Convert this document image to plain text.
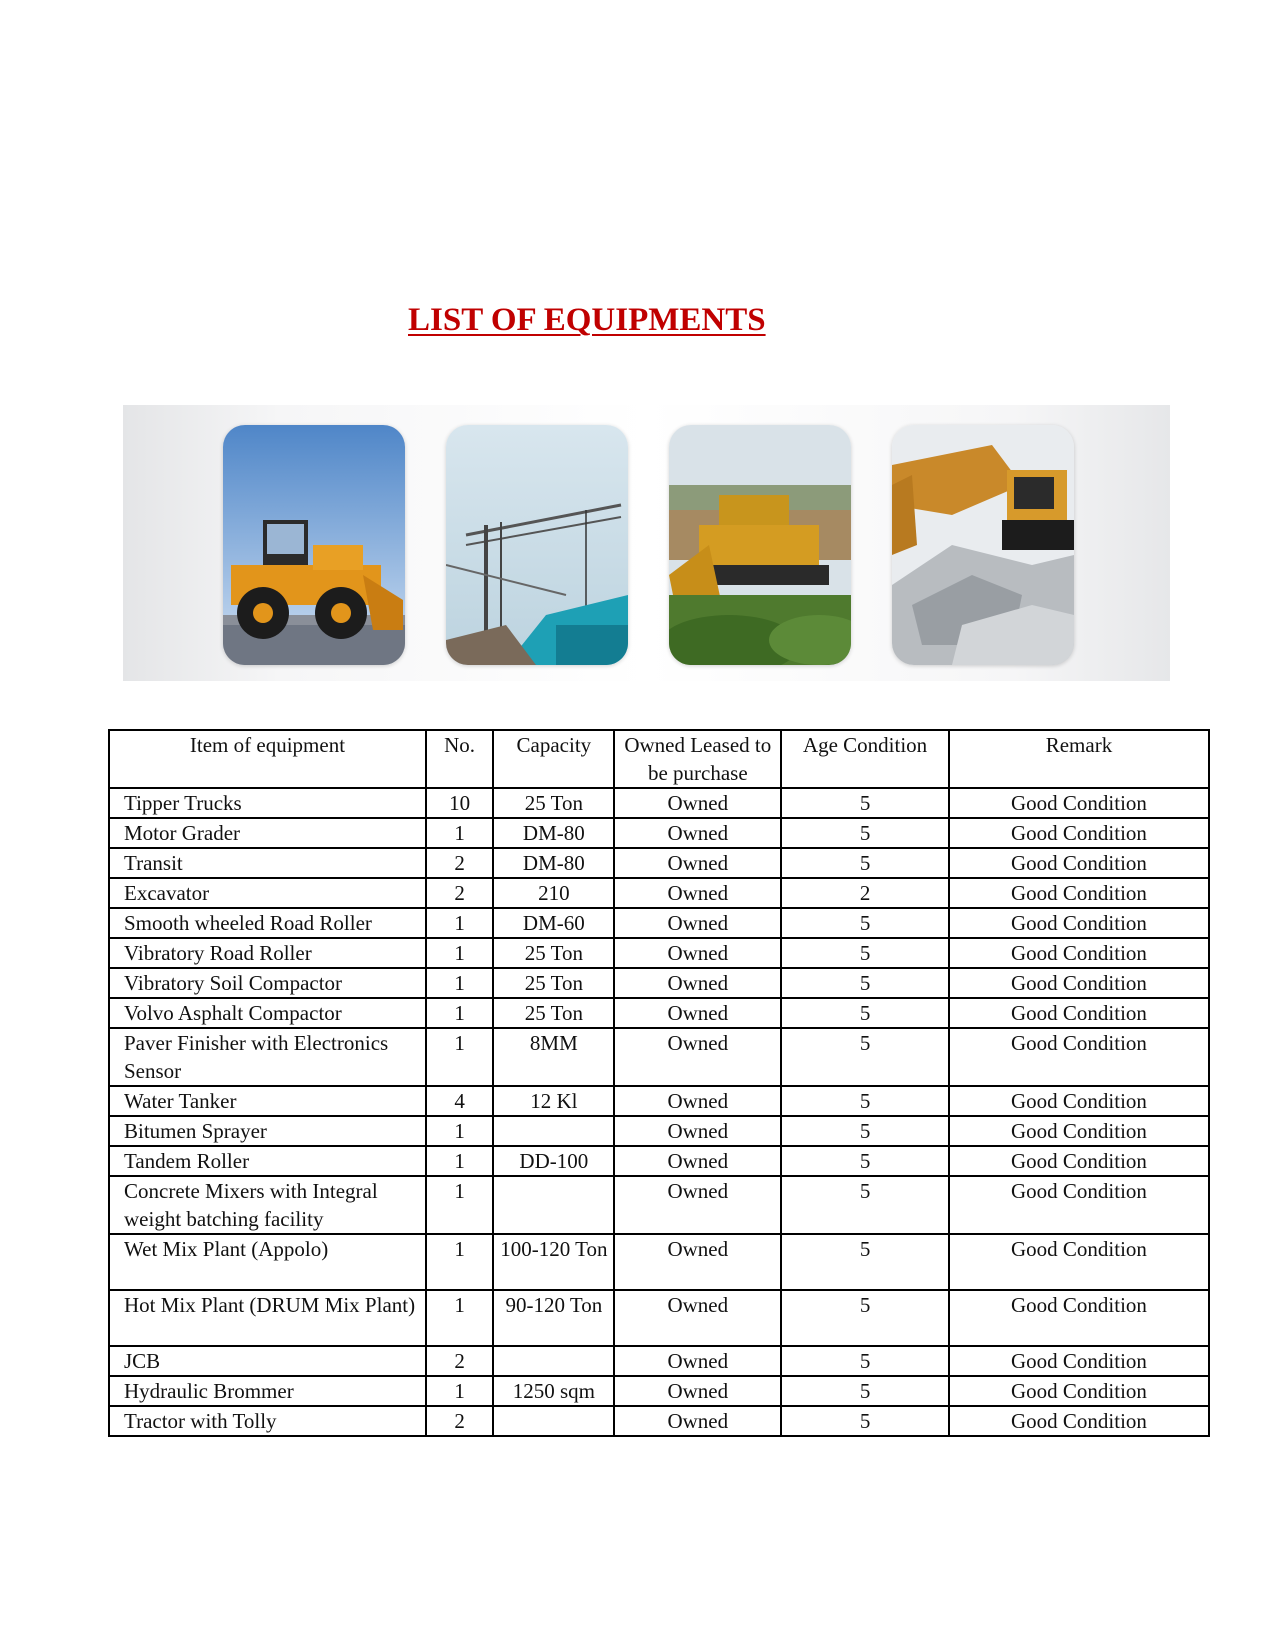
LIST OF EQUIPMENTS
Item of equipment	No.	Capacity	Owned Leased to be purchase	Age Condition	Remark
Tipper Trucks	10	25 Ton	Owned	5	Good Condition
Motor Grader	1	DM-80	Owned	5	Good Condition
Transit	2	DM-80	Owned	5	Good Condition
Excavator	2	210	Owned	2	Good Condition
Smooth wheeled Road Roller	1	DM-60	Owned	5	Good Condition
Vibratory Road Roller	1	25 Ton	Owned	5	Good Condition
Vibratory Soil Compactor	1	25 Ton	Owned	5	Good Condition
Volvo Asphalt Compactor	1	25 Ton	Owned	5	Good Condition
Paver Finisher with Electronics Sensor	1	8MM	Owned	5	Good Condition
Water Tanker	4	12 Kl	Owned	5	Good Condition
Bitumen Sprayer	1		Owned	5	Good Condition
Tandem Roller	1	DD-100	Owned	5	Good Condition
Concrete Mixers with Integral weight batching facility	1		Owned	5	Good Condition
Wet Mix Plant (Appolo)	1	100-120 Ton	Owned	5	Good Condition
Hot Mix Plant (DRUM Mix Plant)	1	90-120 Ton	Owned	5	Good Condition
JCB	2		Owned	5	Good Condition
Hydraulic Brommer	1	1250 sqm	Owned	5	Good Condition
Tractor with Tolly	2		Owned	5	Good Condition
